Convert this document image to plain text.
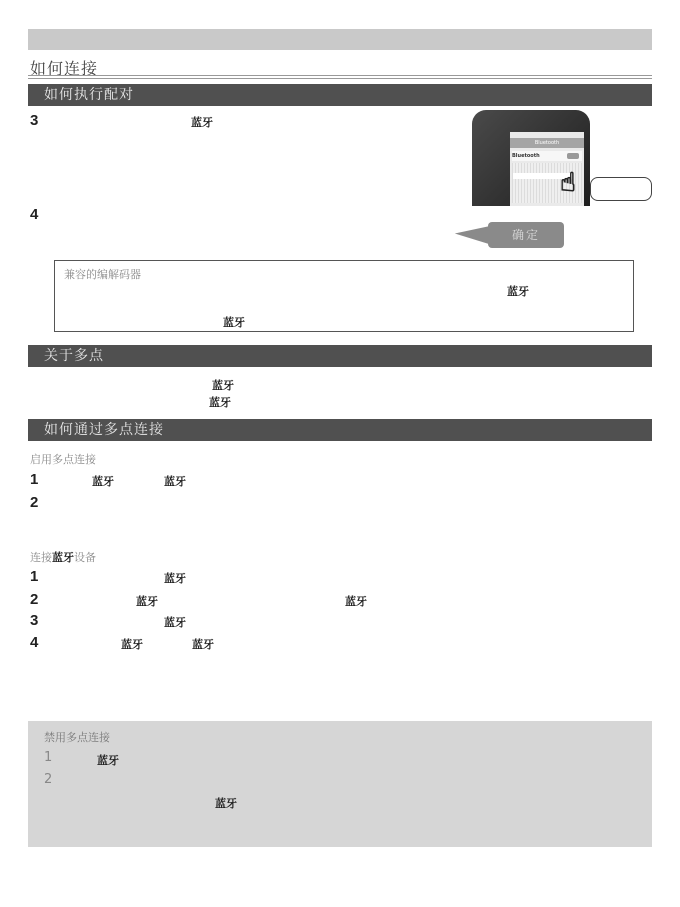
如何连接
如何执行配对
3	蓝牙
4
Bluetooth
Bluetooth
☝
确定
兼容的编解码器
蓝牙
蓝牙
关于多点
蓝牙
蓝牙
如何通过多点连接
启用多点连接
1	蓝牙	蓝牙
2
连接蓝牙设备
1	蓝牙
2	蓝牙	蓝牙
3	蓝牙
4	蓝牙	蓝牙
禁用多点连接
1	蓝牙
2
蓝牙
